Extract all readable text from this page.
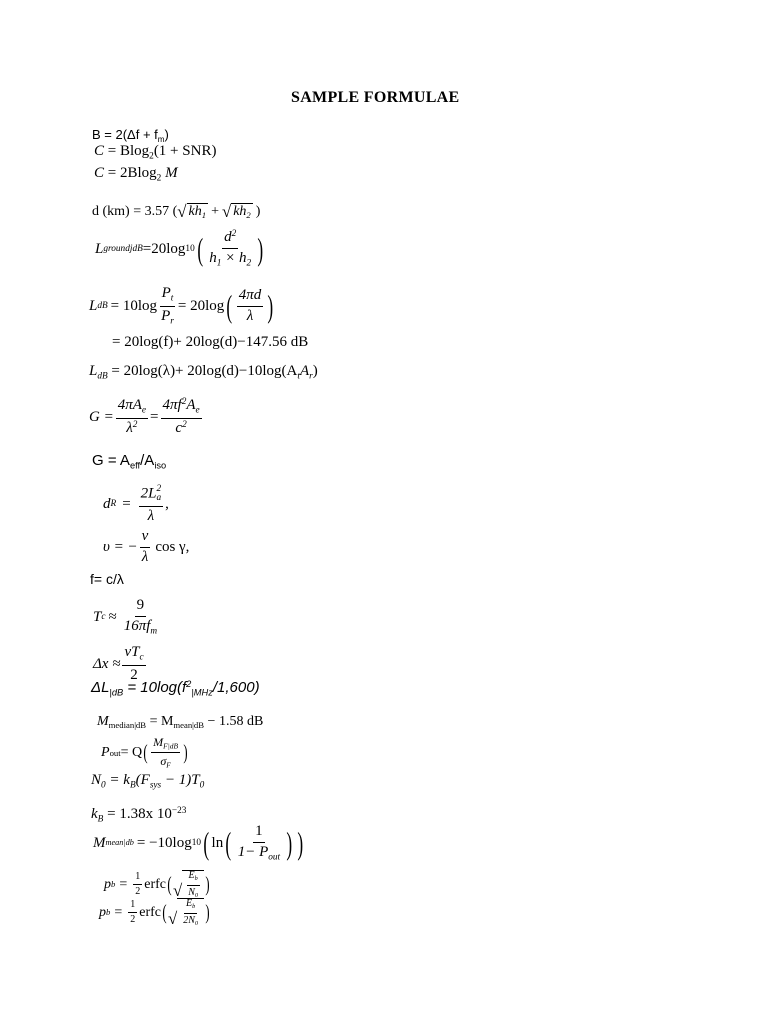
SAMPLE FORMULAE
$B = 2(\Delta f + f_m)$
C = Blog$_2$(1 + SNR)
C = 2Blog$_2$ M
d (km) = 3.57 ( √ $kh_1$ + √ $kh_2$ )
L groundjdB =20log 10 ( $\frac{d^2}{h_1 \times h_2}$ )
L dB = $10\log \frac{P_t}{P_r} = 20\log$ ( $\frac{4\pi d}{\lambda}$ )
= 20log(f)+ 20log(d)−147.56 dB
$L_{dB} = 20\log(\lambda)+ 20\log(d)-10\log(A_tA_r)$
$G = \frac{4\pi A_e}{\lambda^2} = \frac{4\pi f^2A_e}{c^2}$
$G = A_{eff}/A_{iso}$
d R = 2L 2
a
λ ,
υ = − $\frac{\nu}{\lambda}$ cos γ,
f= c/λ
T $c \approx \frac{9}{16\pi f_m}$
$\Delta x \approx \frac{\nu T_c}{2}$
$\Delta L_{|dB} = 10\log(f^2_{|MHz}/1,600)$
$M_{median|dB} = M_{mean|dB} - 1.58$ dB
P out = Q ( $\frac{M_{F|dB}}{\sigma_F}$ )
$N_0 = k_B(F_{sys} - 1)T_0$
$k_B = 1.38x$ $10^{-23}$
M mean|db = −10log 10 ( ln ( $\frac{1}{1- P_{out}}$ ) )
p $b = \frac{1}{2}$ erfc ( √ $\frac{E_b}{N_0}$ )
p $b = \frac{1}{2}$ erfc ( √ $\frac{E_b}{2N_0}$ )
